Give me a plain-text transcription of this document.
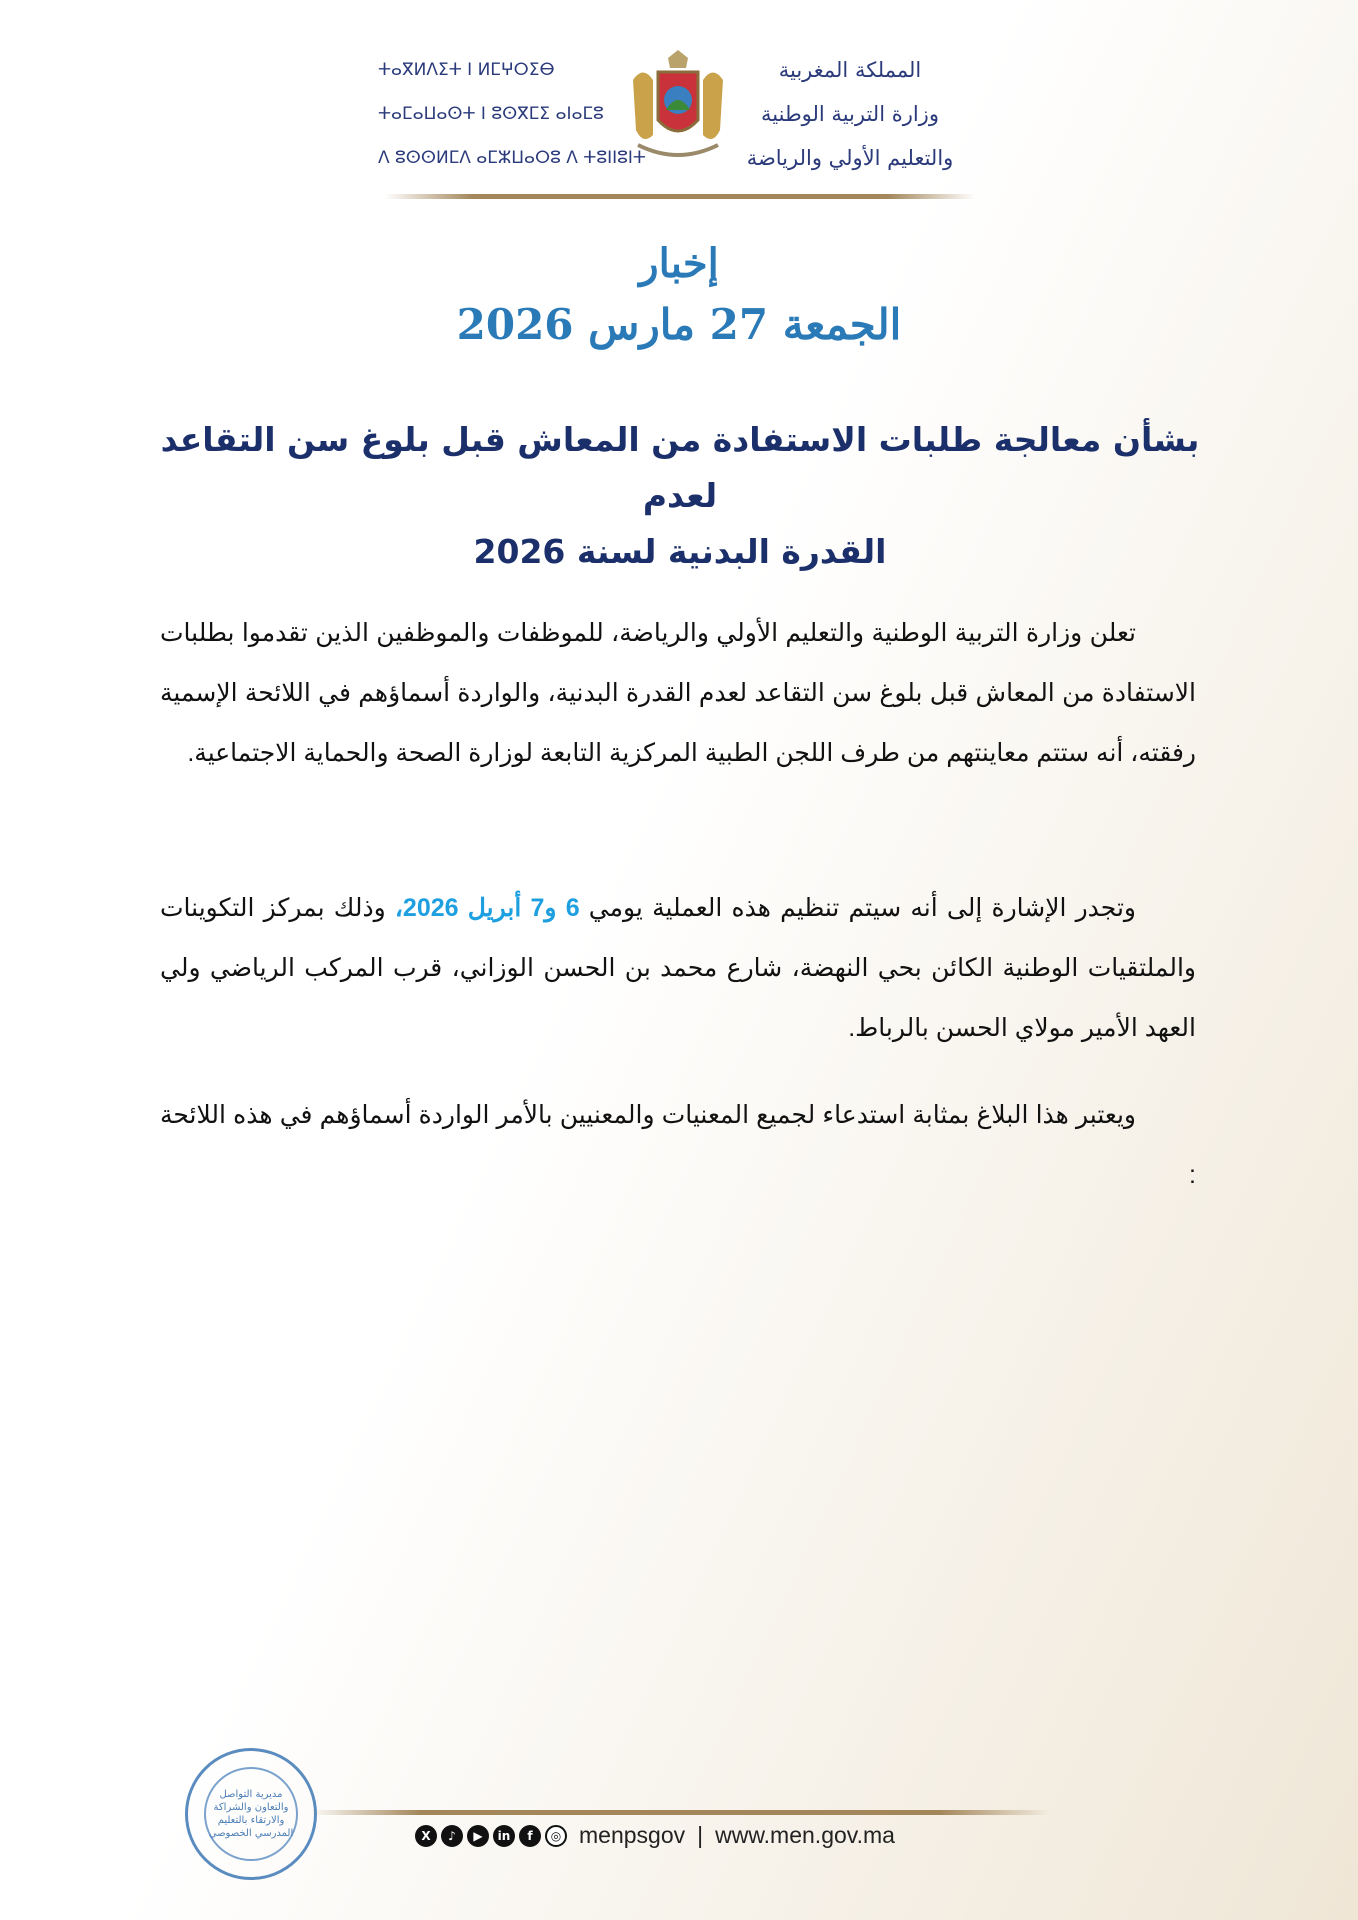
المملكة المغربية
وزارة التربية الوطنية
والتعليم الأولي والرياضة
ⵜⴰⴳⵍⴷⵉⵜ ⵏ ⵍⵎⵖⵔⵉⴱ
ⵜⴰⵎⴰⵡⴰⵙⵜ ⵏ ⵓⵙⴳⵎⵉ ⴰⵏⴰⵎⵓ
ⴷ ⵓⵙⵙⵍⵎⴷ ⴰⵎⵣⵡⴰⵔⵓ ⴷ ⵜⵓⵏⵏⵓⵏⵜ
إخبار
الجمعة 27 مارس 2026
بشأن معالجة طلبات الاستفادة من المعاش قبل بلوغ سن التقاعد لعدم
القدرة البدنية لسنة 2026

تعلن وزارة التربية الوطنية والتعليم الأولي والرياضة، للموظفات والموظفين الذين تقدموا بطلبات الاستفادة من المعاش قبل بلوغ سن التقاعد لعدم القدرة البدنية، والواردة أسماؤهم في اللائحة الإسمية رفقته، أنه ستتم معاينتهم من طرف اللجن الطبية المركزية التابعة لوزارة الصحة والحماية الاجتماعية.

وتجدر الإشارة إلى أنه سيتم تنظيم هذه العملية يومي 6 و7 أبريل 2026، وذلك بمركز التكوينات والملتقيات الوطنية الكائن بحي النهضة، شارع محمد بن الحسن الوزاني، قرب المركب الرياضي ولي العهد الأمير مولاي الحسن بالرباط.

ويعتبر هذا البلاغ بمثابة استدعاء لجميع المعنيات والمعنيين بالأمر الواردة أسماؤهم في هذه اللائحة :

مديرية التواصل والتعاون والشراكة والارتقاء بالتعليم المدرسي الخصوصي	X	♪	▶	in	f	◎ menpsgov | www.men.gov.ma
